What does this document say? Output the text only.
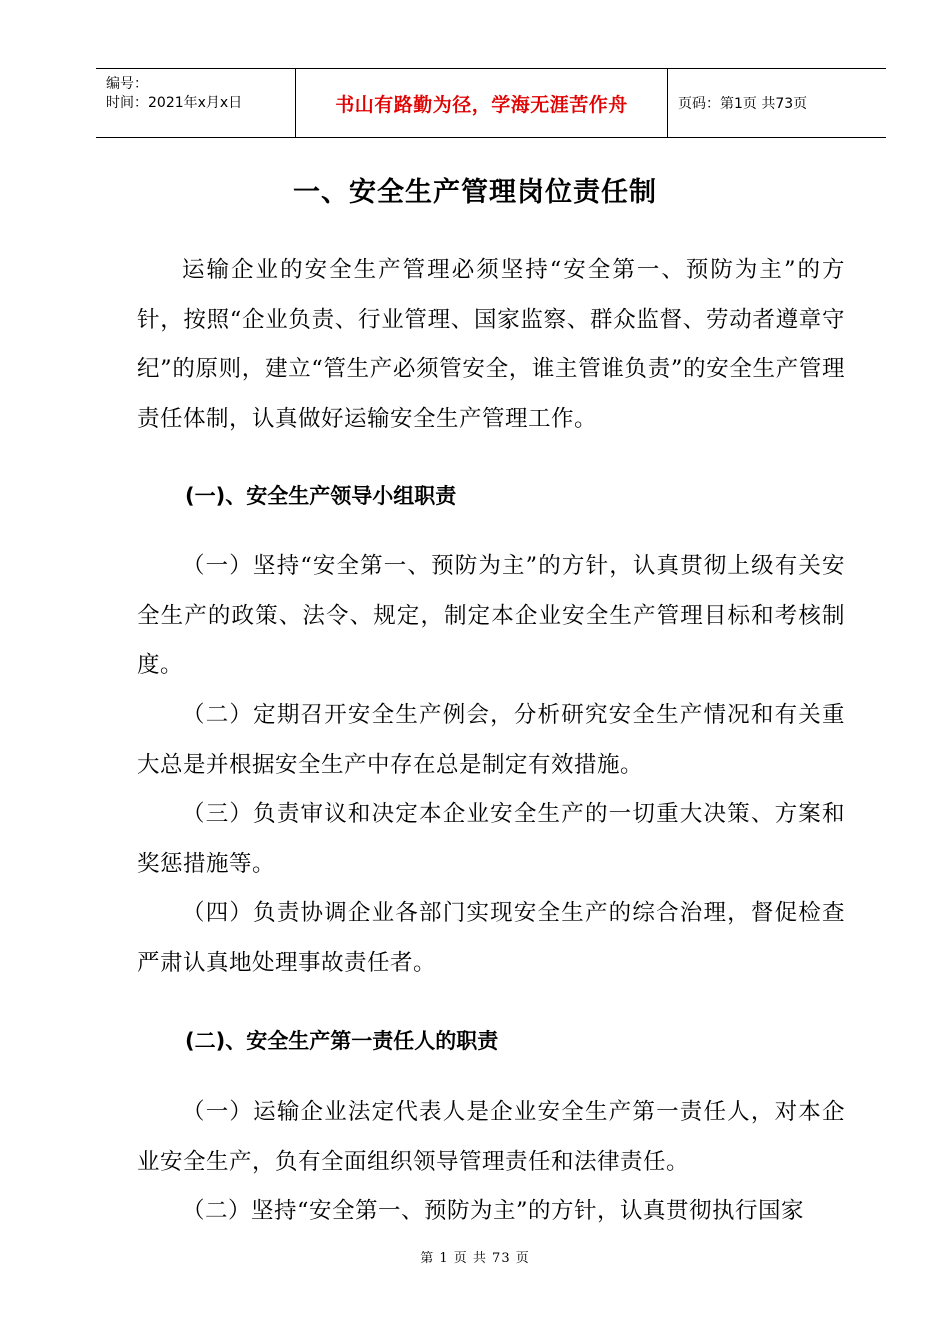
编号：
时间：2021年x月x日	书山有路勤为径，学海无涯苦作舟	页码：第1页 共73页
一、安全生产管理岗位责任制
运输企业的安全生产管理必须坚持“安全第一、预防为主”的方针，按照“企业负责、行业管理、国家监察、群众监督、劳动者遵章守纪”的原则，建立“管生产必须管安全，谁主管谁负责”的安全生产管理责任体制，认真做好运输安全生产管理工作。
(一)、安全生产领导小组职责
（一）坚持“安全第一、预防为主”的方针，认真贯彻上级有关安全生产的政策、法令、规定，制定本企业安全生产管理目标和考核制度。
（二）定期召开安全生产例会，分析研究安全生产情况和有关重大总是并根据安全生产中存在总是制定有效措施。
（三）负责审议和决定本企业安全生产的一切重大决策、方案和奖惩措施等。
（四）负责协调企业各部门实现安全生产的综合治理，督促检查严肃认真地处理事故责任者。
(二)、安全生产第一责任人的职责
（一）运输企业法定代表人是企业安全生产第一责任人，对本企业安全生产，负有全面组织领导管理责任和法律责任。
（二）坚持“安全第一、预防为主”的方针，认真贯彻执行国家
第 1 页 共 73 页
